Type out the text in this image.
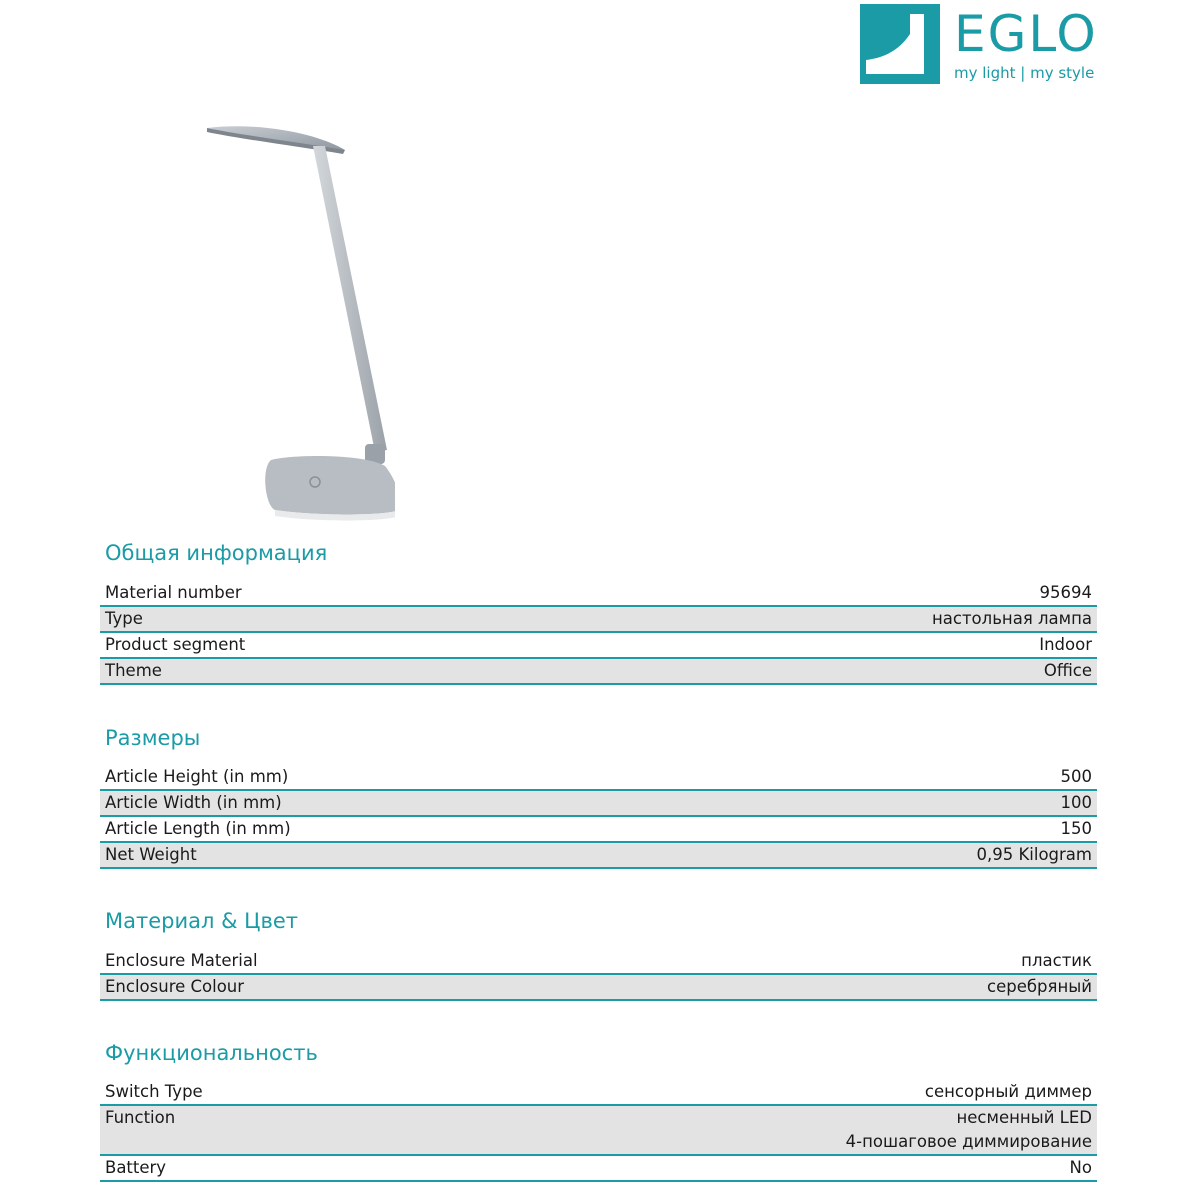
EGLO
my light | my style
Общая информация
Material number	95694
Type	настольная лампа
Product segment	Indoor
Theme	Office
Размеры
Article Height (in mm)	500
Article Width (in mm)	100
Article Length (in mm)	150
Net Weight	0,95 Kilogram
Материал & Цвет
Enclosure Material	пластик
Enclosure Colour	серебряный
Функциональность
Switch Type	сенсорный диммер
Function	несменный LED
4-пошаговое диммирование
Battery	No
